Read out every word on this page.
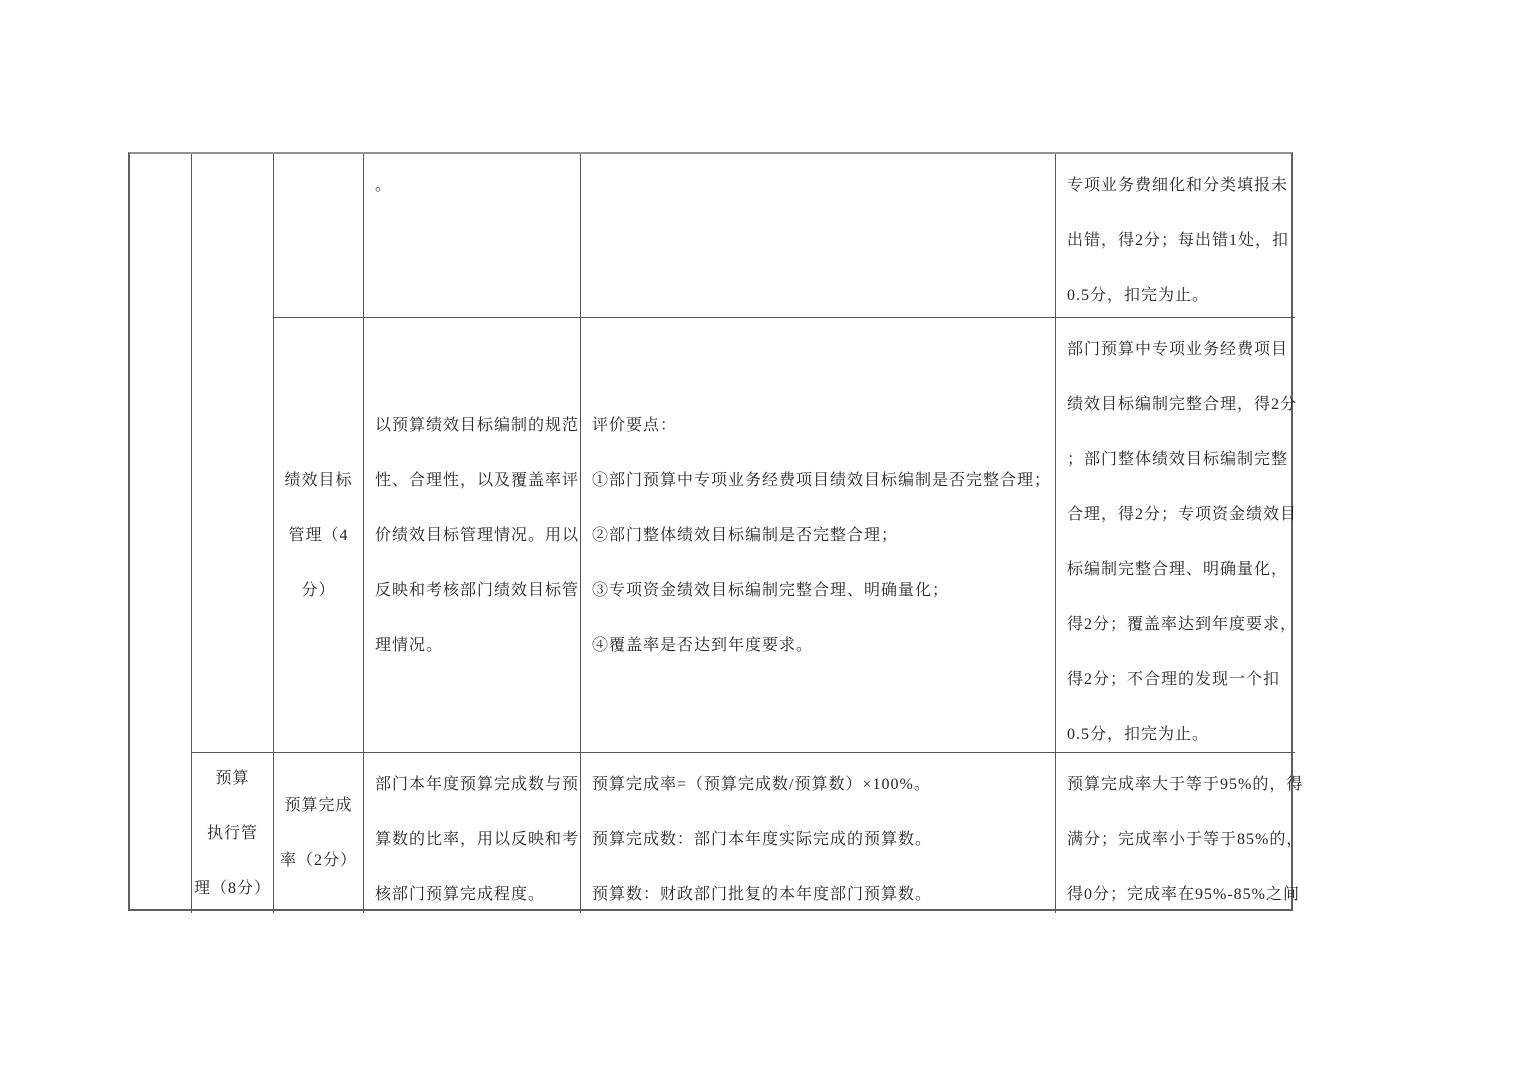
预算
执行管
理（8分）
绩效目标
管理（4
分）
预算完成
率（2分）
。
以预算绩效目标编制的规范
性、合理性，以及覆盖率评
价绩效目标管理情况。用以
反映和考核部门绩效目标管
理情况。
部门本年度预算完成数与预
算数的比率，用以反映和考
核部门预算完成程度。
评价要点：
①部门预算中专项业务经费项目绩效目标编制是否完整合理；
②部门整体绩效目标编制是否完整合理；
③专项资金绩效目标编制完整合理、明确量化；
④覆盖率是否达到年度要求。
预算完成率=（预算完成数/预算数）×100%。
预算完成数：部门本年度实际完成的预算数。
预算数：财政部门批复的本年度部门预算数。
专项业务费细化和分类填报未
出错，得2分；每出错1处，扣
0.5分，扣完为止。
部门预算中专项业务经费项目
绩效目标编制完整合理，得2分
；部门整体绩效目标编制完整
合理，得2分；专项资金绩效目
标编制完整合理、明确量化，
得2分；覆盖率达到年度要求，
得2分；不合理的发现一个扣
0.5分，扣完为止。
预算完成率大于等于95%的，得
满分；完成率小于等于85%的，
得0分；完成率在95%-85%之间
